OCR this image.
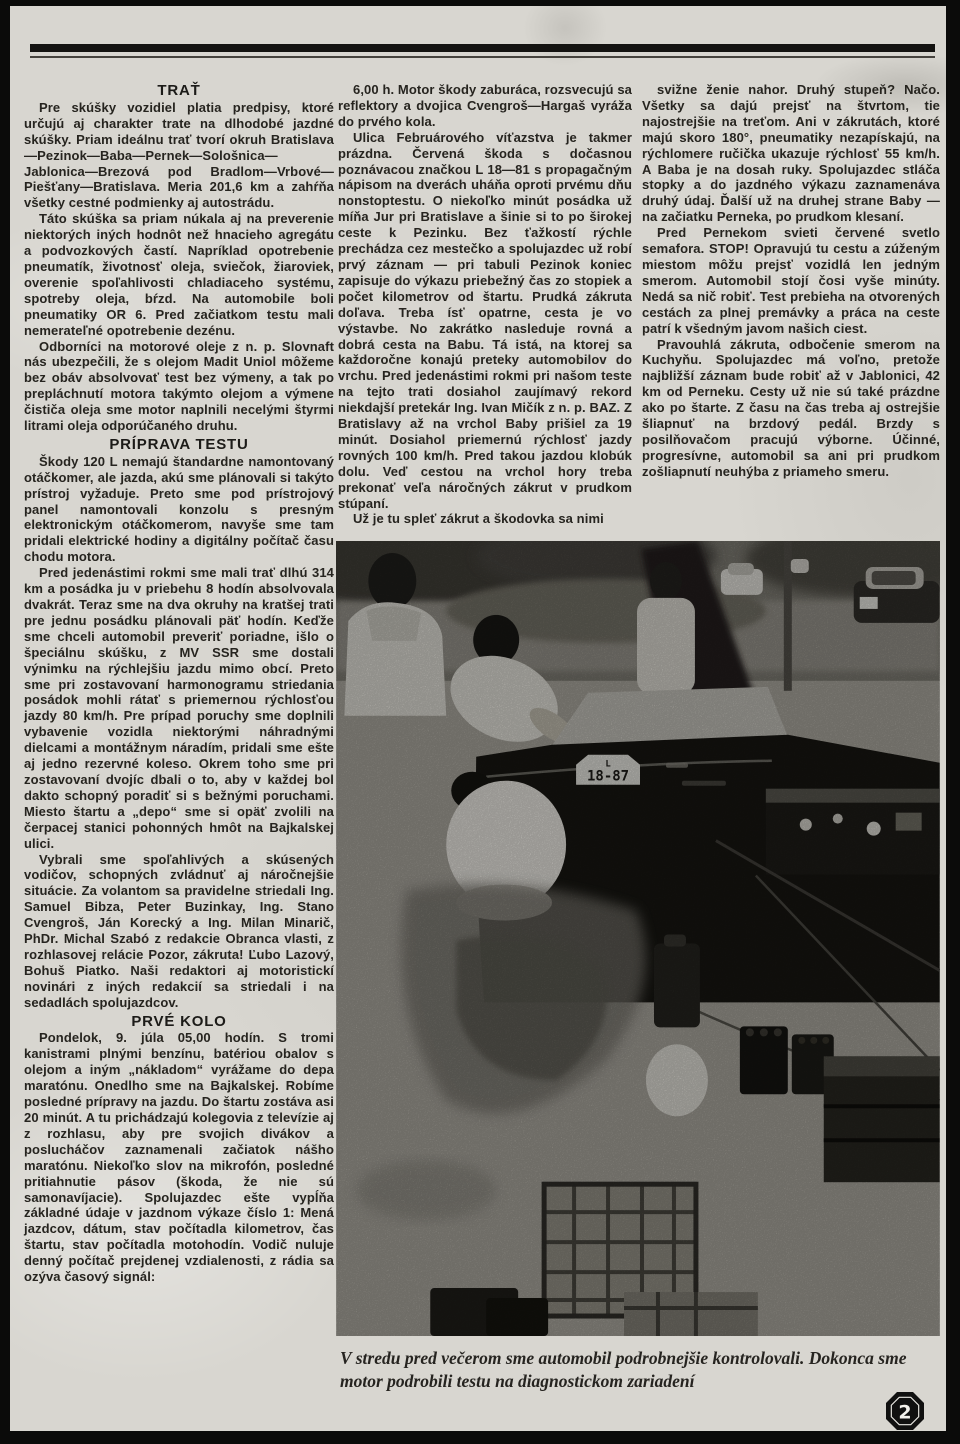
TRAŤ

Pre skúšky vozidiel platia predpisy, ktoré určujú aj charakter trate na dlhodobé jazdné skúšky. Priam ideálnu trať tvorí okruh Bratislava—Pezinok—Baba—Pernek—Sološnica—Jablonica—Brezová pod Bradlom—Vrbové—Piešťany—Bratislava. Meria 201,6 km a zahŕňa všetky cestné podmienky aj autostrádu.

Táto skúška sa priam núkala aj na preverenie niektorých iných hodnôt než hnacieho agregátu a podvozkových častí. Napríklad opotrebenie pneumatík, životnosť oleja, sviečok, žiaroviek, overenie spoľahlivosti chladiaceho systému, spotreby oleja, bŕzd. Na automobile boli pneumatiky OR 6. Pred začiatkom testu mali nemerateľné opotrebenie dezénu.

Odborníci na motorové oleje z n. p. Slovnaft nás ubezpečili, že s olejom Madit Uniol môžeme bez obáv absolvovať test bez výmeny, a tak po prepláchnutí motora takýmto olejom a výmene čističa oleja sme motor naplnili necelými štyrmi litrami oleja odporúčaného druhu.

PRÍPRAVA TESTU

Škody 120 L nemajú štandardne namontovaný otáčkomer, ale jazda, akú sme plánovali si takýto prístroj vyžaduje. Preto sme pod prístrojový panel namontovali konzolu s presným elektronickým otáčkomerom, navyše sme tam pridali elektrické hodiny a digitálny počítač času chodu motora.

Pred jedenástimi rokmi sme mali trať dlhú 314 km a posádka ju v priebehu 8 hodín absolvovala dvakrát. Teraz sme na dva okruhy na kratšej trati pre jednu posádku plánovali päť hodín. Keďže sme chceli automobil preveriť poriadne, išlo o špeciálnu skúšku, z MV SSR sme dostali výnimku na rýchlejšiu jazdu mimo obcí. Preto sme pri zostavovaní harmonogramu striedania posádok mohli rátať s priemernou rýchlosťou jazdy 80 km/h. Pre prípad poruchy sme doplnili vybavenie vozidla niektorými náhradnými dielcami a montážnym náradím, pridali sme ešte aj jedno rezervné koleso. Okrem toho sme pri zostavovaní dvojíc dbali o to, aby v každej bol dakto schopný poradiť si s bežnými poruchami. Miesto štartu a „depo“ sme si opäť zvolili na čerpacej stanici pohonných hmôt na Bajkalskej ulici.

Vybrali sme spoľahlivých a skúsených vodičov, schopných zvládnuť aj náročnejšie situácie. Za volantom sa pravidelne striedali Ing. Samuel Bibza, Peter Buzinkay, Ing. Stano Cvengroš, Ján Korecký a Ing. Milan Minarič, PhDr. Michal Szabó z redakcie Obranca vlasti, z rozhlasovej relácie Pozor, zákruta! Ľubo Lazový, Bohuš Piatko. Naši redaktori aj motoristickí novinári z iných redakcií sa striedali i na sedadlách spolujazdcov.

PRVÉ KOLO

Pondelok, 9. júla 05,00 hodín. S tromi kanistrami plnými benzínu, batériou obalov s olejom a iným „nákladom“ vyrážame do depa maratónu. Onedlho sme na Bajkalskej. Robíme posledné prípravy na jazdu. Do štartu zostáva asi 20 minút. A tu prichádzajú kolegovia z televízie aj z rozhlasu, aby pre svojich divákov a poslucháčov zaznamenali začiatok nášho maratónu. Niekoľko slov na mikrofón, posledné pritiahnutie pásov (škoda, že nie sú samonavíjacie). Spolujazdec ešte vypĺňa základné údaje v jazdnom výkaze číslo 1: Mená jazdcov, dátum, stav počítadla kilometrov, čas štartu, stav počítadla motohodín. Vodič nuluje denný počítač prejdenej vzdialenosti, z rádia sa ozýva časový signál:

6,00 h. Motor škody zaburáca, rozsvecujú sa reflektory a dvojica Cvengroš—Hargaš vyráža do prvého kola.

Ulica Februárového víťazstva je takmer prázdna. Červená škoda s dočasnou poznávacou značkou L 18—81 s propagačným nápisom na dverách uháňa oproti prvému dňu nonstoptestu. O niekoľko minút posádka už míňa Jur pri Bratislave a šinie si to po širokej ceste k Pezinku. Bez ťažkostí rýchle prechádza cez mestečko a spolujazdec už robí prvý záznam — pri tabuli Pezinok koniec zapisuje do výkazu priebežný čas zo stopiek a počet kilometrov od štartu. Prudká zákruta doľava. Treba ísť opatrne, cesta je vo výstavbe. No zakrátko nasleduje rovná a dobrá cesta na Babu. Tá istá, na ktorej sa každoročne konajú preteky automobilov do vrchu. Pred jedenástimi rokmi pri našom teste na tejto trati dosiahol zaujímavý rekord niekdajší pretekár Ing. Ivan Mičík z n. p. BAZ. Z Bratislavy až na vrchol Baby prišiel za 19 minút. Dosiahol priemernú rýchlosť jazdy rovných 100 km/h. Pred takou jazdou klobúk dolu. Veď cestou na vrchol hory treba prekonať veľa náročných zákrut v prudkom stúpaní.

Už je tu spleť zákrut a škodovka sa nimi

svižne ženie nahor. Druhý stupeň? Načo. Všetky sa dajú prejsť na štvrtom, tie najostrejšie na treťom. Ani v zákrutách, ktoré majú skoro 180°, pneumatiky nezapískajú, na rýchlomere ručička ukazuje rýchlosť 55 km/h. A Baba je na dosah ruky. Spolujazdec stláča stopky a do jazdného výkazu zaznamenáva druhý údaj. Ďalší už na druhej strane Baby — na začiatku Perneka, po prudkom klesaní.

Pred Pernekom svieti červené svetlo semafora. STOP! Opravujú tu cestu a zúženým miestom môžu prejsť vozidlá len jedným smerom. Automobil stojí čosi vyše minúty. Nedá sa nič robiť. Test prebieha na otvorených cestách za plnej premávky a práca na ceste patrí k všedným javom našich ciest.

Pravouhlá zákruta, odbočenie smerom na Kuchyňu. Spolujazdec má voľno, pretože najbližší záznam bude robiť až v Jablonici, 42 km od Perneku. Cesty už nie sú také prázdne ako po štarte. Z času na čas treba aj ostrejšie šliapnuť na brzdový pedál. Brzdy s posilňovačom pracujú výborne. Účinné, progresívne, automobil sa ani pri prudkom zošliapnutí neuhýba z priameho smeru.

L
18-87
V stredu pred večerom sme automobil podrobnejšie kontrolovali. Dokonca sme motor podrobili testu na diagnostickom zariadení
2
